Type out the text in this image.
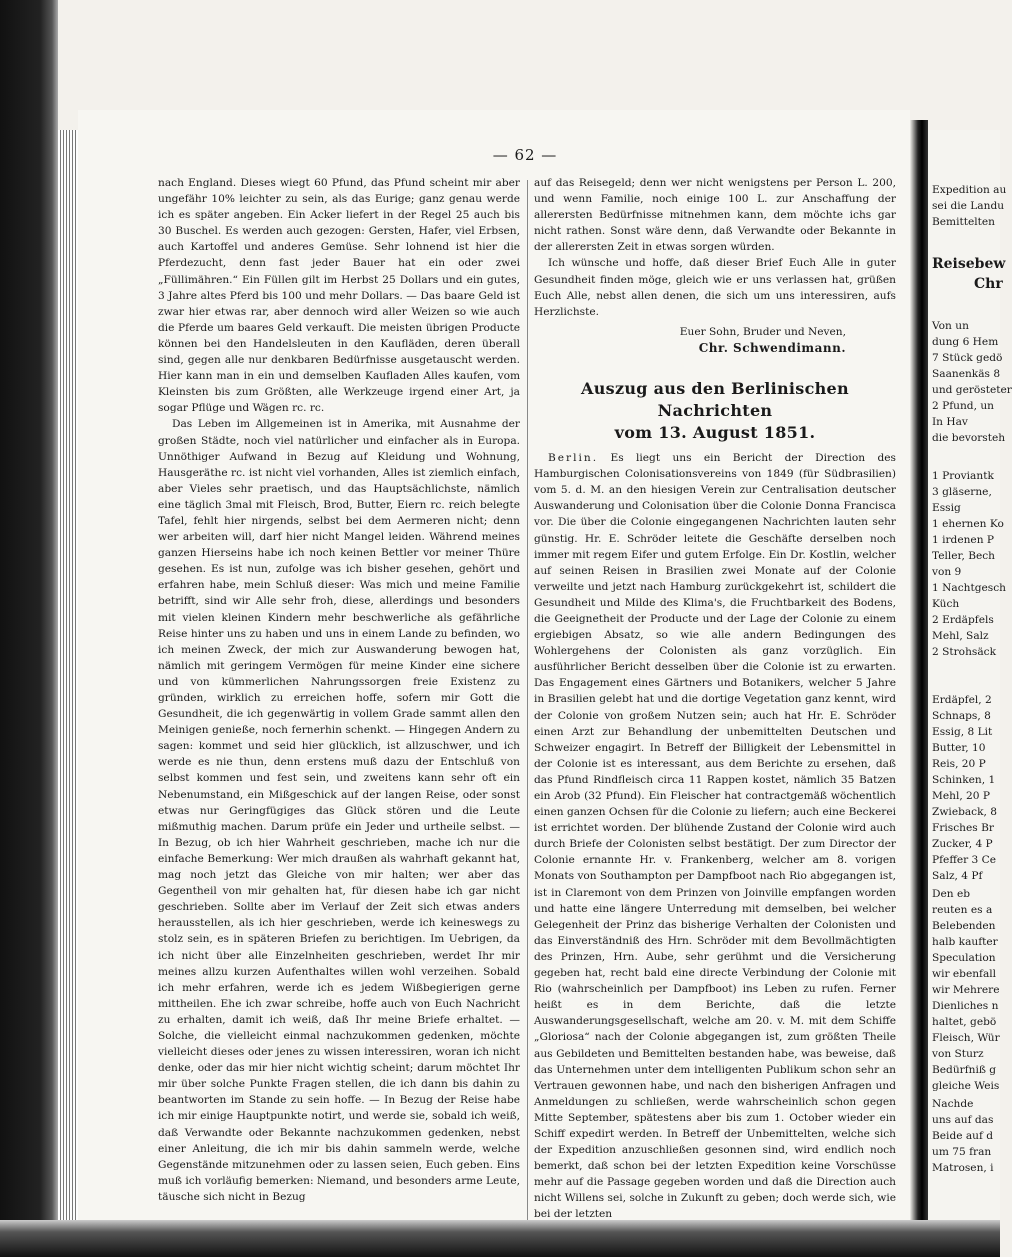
— 62 —

nach England. Dieses wiegt 60 Pfund, das Pfund scheint mir aber ungefähr 10% leichter zu sein, als das Eurige; ganz genau werde ich es später angeben. Ein Acker liefert in der Regel 25 auch bis 30 Buschel. Es werden auch gezogen: Gersten, Hafer, viel Erbsen, auch Kartoffel und anderes Gemüse. Sehr lohnend ist hier die Pferdezucht, denn fast jeder Bauer hat ein oder zwei „Füllimähren.“ Ein Füllen gilt im Herbst 25 Dollars und ein gutes, 3 Jahre altes Pferd bis 100 und mehr Dollars. — Das baare Geld ist zwar hier etwas rar, aber dennoch wird aller Weizen so wie auch die Pferde um baares Geld verkauft. Die meisten übrigen Producte können bei den Handelsleuten in den Kaufläden, deren überall sind, gegen alle nur denkbaren Bedürfnisse ausgetauscht werden. Hier kann man in ein und demselben Kaufladen Alles kaufen, vom Kleinsten bis zum Größten, alle Werkzeuge irgend einer Art, ja sogar Pflüge und Wägen rc. rc.

Das Leben im Allgemeinen ist in Amerika, mit Ausnahme der großen Städte, noch viel natürlicher und einfacher als in Europa. Unnöthiger Aufwand in Bezug auf Kleidung und Wohnung, Hausgeräthe rc. ist nicht viel vorhanden, Alles ist ziemlich einfach, aber Vieles sehr praetisch, und das Hauptsächlichste, nämlich eine täglich 3mal mit Fleisch, Brod, Butter, Eiern rc. reich belegte Tafel, fehlt hier nirgends, selbst bei dem Aermeren nicht; denn wer arbeiten will, darf hier nicht Mangel leiden. Während meines ganzen Hierseins habe ich noch keinen Bettler vor meiner Thüre gesehen. Es ist nun, zufolge was ich bisher gesehen, gehört und erfahren habe, mein Schluß dieser: Was mich und meine Familie betrifft, sind wir Alle sehr froh, diese, allerdings und besonders mit vielen kleinen Kindern mehr beschwerliche als gefährliche Reise hinter uns zu haben und uns in einem Lande zu befinden, wo ich meinen Zweck, der mich zur Auswanderung bewogen hat, nämlich mit geringem Vermögen für meine Kinder eine sichere und von kümmerlichen Nahrungssorgen freie Existenz zu gründen, wirklich zu erreichen hoffe, sofern mir Gott die Gesundheit, die ich gegenwärtig in vollem Grade sammt allen den Meinigen genieße, noch fernerhin schenkt. — Hingegen Andern zu sagen: kommet und seid hier glücklich, ist allzuschwer, und ich werde es nie thun, denn erstens muß dazu der Entschluß von selbst kommen und fest sein, und zweitens kann sehr oft ein Nebenumstand, ein Mißgeschick auf der langen Reise, oder sonst etwas nur Geringfügiges das Glück stören und die Leute mißmuthig machen. Darum prüfe ein Jeder und urtheile selbst. — In Bezug, ob ich hier Wahrheit geschrieben, mache ich nur die einfache Bemerkung: Wer mich draußen als wahrhaft gekannt hat, mag noch jetzt das Gleiche von mir halten; wer aber das Gegentheil von mir gehalten hat, für diesen habe ich gar nicht geschrieben. Sollte aber im Verlauf der Zeit sich etwas anders herausstellen, als ich hier geschrieben, werde ich keineswegs zu stolz sein, es in späteren Briefen zu berichtigen. Im Uebrigen, da ich nicht über alle Einzelnheiten geschrieben, werdet Ihr mir meines allzu kurzen Aufenthaltes willen wohl verzeihen. Sobald ich mehr erfahren, werde ich es jedem Wißbegierigen gerne mittheilen. Ehe ich zwar schreibe, hoffe auch von Euch Nachricht zu erhalten, damit ich weiß, daß Ihr meine Briefe erhaltet. — Solche, die vielleicht einmal nachzukommen gedenken, möchte vielleicht dieses oder jenes zu wissen interessiren, woran ich nicht denke, oder das mir hier nicht wichtig scheint; darum möchtet Ihr mir über solche Punkte Fragen stellen, die ich dann bis dahin zu beantworten im Stande zu sein hoffe. — In Bezug der Reise habe ich mir einige Hauptpunkte notirt, und werde sie, sobald ich weiß, daß Verwandte oder Bekannte nachzukommen gedenken, nebst einer Anleitung, die ich mir bis dahin sammeln werde, welche Gegenstände mitzunehmen oder zu lassen seien, Euch geben. Eins muß ich vorläufig bemerken: Niemand, und besonders arme Leute, täusche sich nicht in Bezug

auf das Reisegeld; denn wer nicht wenigstens per Person L. 200, und wenn Familie, noch einige 100 L. zur Anschaffung der allerersten Bedürfnisse mitnehmen kann, dem möchte ichs gar nicht rathen. Sonst wäre denn, daß Verwandte oder Bekannte in der allerersten Zeit in etwas sorgen würden.

Ich wünsche und hoffe, daß dieser Brief Euch Alle in guter Gesundheit finden möge, gleich wie er uns verlassen hat, grüßen Euch Alle, nebst allen denen, die sich um uns interessiren, aufs Herzlichste.

Euer Sohn, Bruder und Neven,

Chr. Schwendimann.

Auszug aus den Berlinischen Nachrichten
vom 13. August 1851.

Berlin. Es liegt uns ein Bericht der Direction des Hamburgischen Colonisationsvereins von 1849 (für Südbrasilien) vom 5. d. M. an den hiesigen Verein zur Centralisation deutscher Auswanderung und Colonisation über die Colonie Donna Francisca vor. Die über die Colonie eingegangenen Nachrichten lauten sehr günstig. Hr. E. Schröder leitete die Geschäfte derselben noch immer mit regem Eifer und gutem Erfolge. Ein Dr. Kostlin, welcher auf seinen Reisen in Brasilien zwei Monate auf der Colonie verweilte und jetzt nach Hamburg zurückgekehrt ist, schildert die Gesundheit und Milde des Klima's, die Fruchtbarkeit des Bodens, die Geeignetheit der Producte und der Lage der Colonie zu einem ergiebigen Absatz, so wie alle andern Bedingungen des Wohlergehens der Colonisten als ganz vorzüglich. Ein ausführlicher Bericht desselben über die Colonie ist zu erwarten. Das Engagement eines Gärtners und Botanikers, welcher 5 Jahre in Brasilien gelebt hat und die dortige Vegetation ganz kennt, wird der Colonie von großem Nutzen sein; auch hat Hr. E. Schröder einen Arzt zur Behandlung der unbemittelten Deutschen und Schweizer engagirt. In Betreff der Billigkeit der Lebensmittel in der Colonie ist es interessant, aus dem Berichte zu ersehen, daß das Pfund Rindfleisch circa 11 Rappen kostet, nämlich 35 Batzen ein Arob (32 Pfund). Ein Fleischer hat contractgemäß wöchentlich einen ganzen Ochsen für die Colonie zu liefern; auch eine Beckerei ist errichtet worden. Der blühende Zustand der Colonie wird auch durch Briefe der Colonisten selbst bestätigt. Der zum Director der Colonie ernannte Hr. v. Frankenberg, welcher am 8. vorigen Monats von Southampton per Dampfboot nach Rio abgegangen ist, ist in Claremont von dem Prinzen von Joinville empfangen worden und hatte eine längere Unterredung mit demselben, bei welcher Gelegenheit der Prinz das bisherige Verhalten der Colonisten und das Einverständniß des Hrn. Schröder mit dem Bevollmächtigten des Prinzen, Hrn. Aube, sehr gerühmt und die Versicherung gegeben hat, recht bald eine directe Verbindung der Colonie mit Rio (wahrscheinlich per Dampfboot) ins Leben zu rufen. Ferner heißt es in dem Berichte, daß die letzte Auswanderungsgesellschaft, welche am 20. v. M. mit dem Schiffe „Gloriosa“ nach der Colonie abgegangen ist, zum größten Theile aus Gebildeten und Bemittelten bestanden habe, was beweise, daß das Unternehmen unter dem intelligenten Publikum schon sehr an Vertrauen gewonnen habe, und nach den bisherigen Anfragen und Anmeldungen zu schließen, werde wahrscheinlich schon gegen Mitte September, spätestens aber bis zum 1. October wieder ein Schiff expedirt werden. In Betreff der Unbemittelten, welche sich der Expedition anzuschließen gesonnen sind, wird endlich noch bemerkt, daß schon bei der letzten Expedition keine Vorschüsse mehr auf die Passage gegeben worden und daß die Direction auch nicht Willens sei, solche in Zukunft zu geben; doch werde sich, wie bei der letzten

Expedition au
sei die Landu
Bemittelten
Reisebew
Chr
Von un
dung 6 Hem
7 Stück gedö
Saanenkäs 8
und gerösteter
2 Pfund, un
In Hav
die bevorsteh
1 Proviantk
3 gläserne,
Essig
1 ehernen Ko
1 irdenen P
Teller, Bech
von 9
1 Nachtgesch
Küch
2 Erdäpfels
Mehl, Salz
2 Strohsäck
Erdäpfel, 2
Schnaps, 8
Essig, 8 Lit
Butter, 10
Reis, 20 P
Schinken, 1
Mehl, 20 P
Zwieback, 8
Frisches Br
Zucker, 4 P
Pfeffer 3 Ce
Salz, 4 Pf
Den eb
reuten es a
Belebenden
halb kaufter
Speculation
wir ebenfall
wir Mehrere
Dienliches n
haltet, gebö
Fleisch, Wür
von Sturz
Bedürfniß g
gleiche Weis
Nachde
uns auf das
Beide auf d
um 75 fran
Matrosen, i
